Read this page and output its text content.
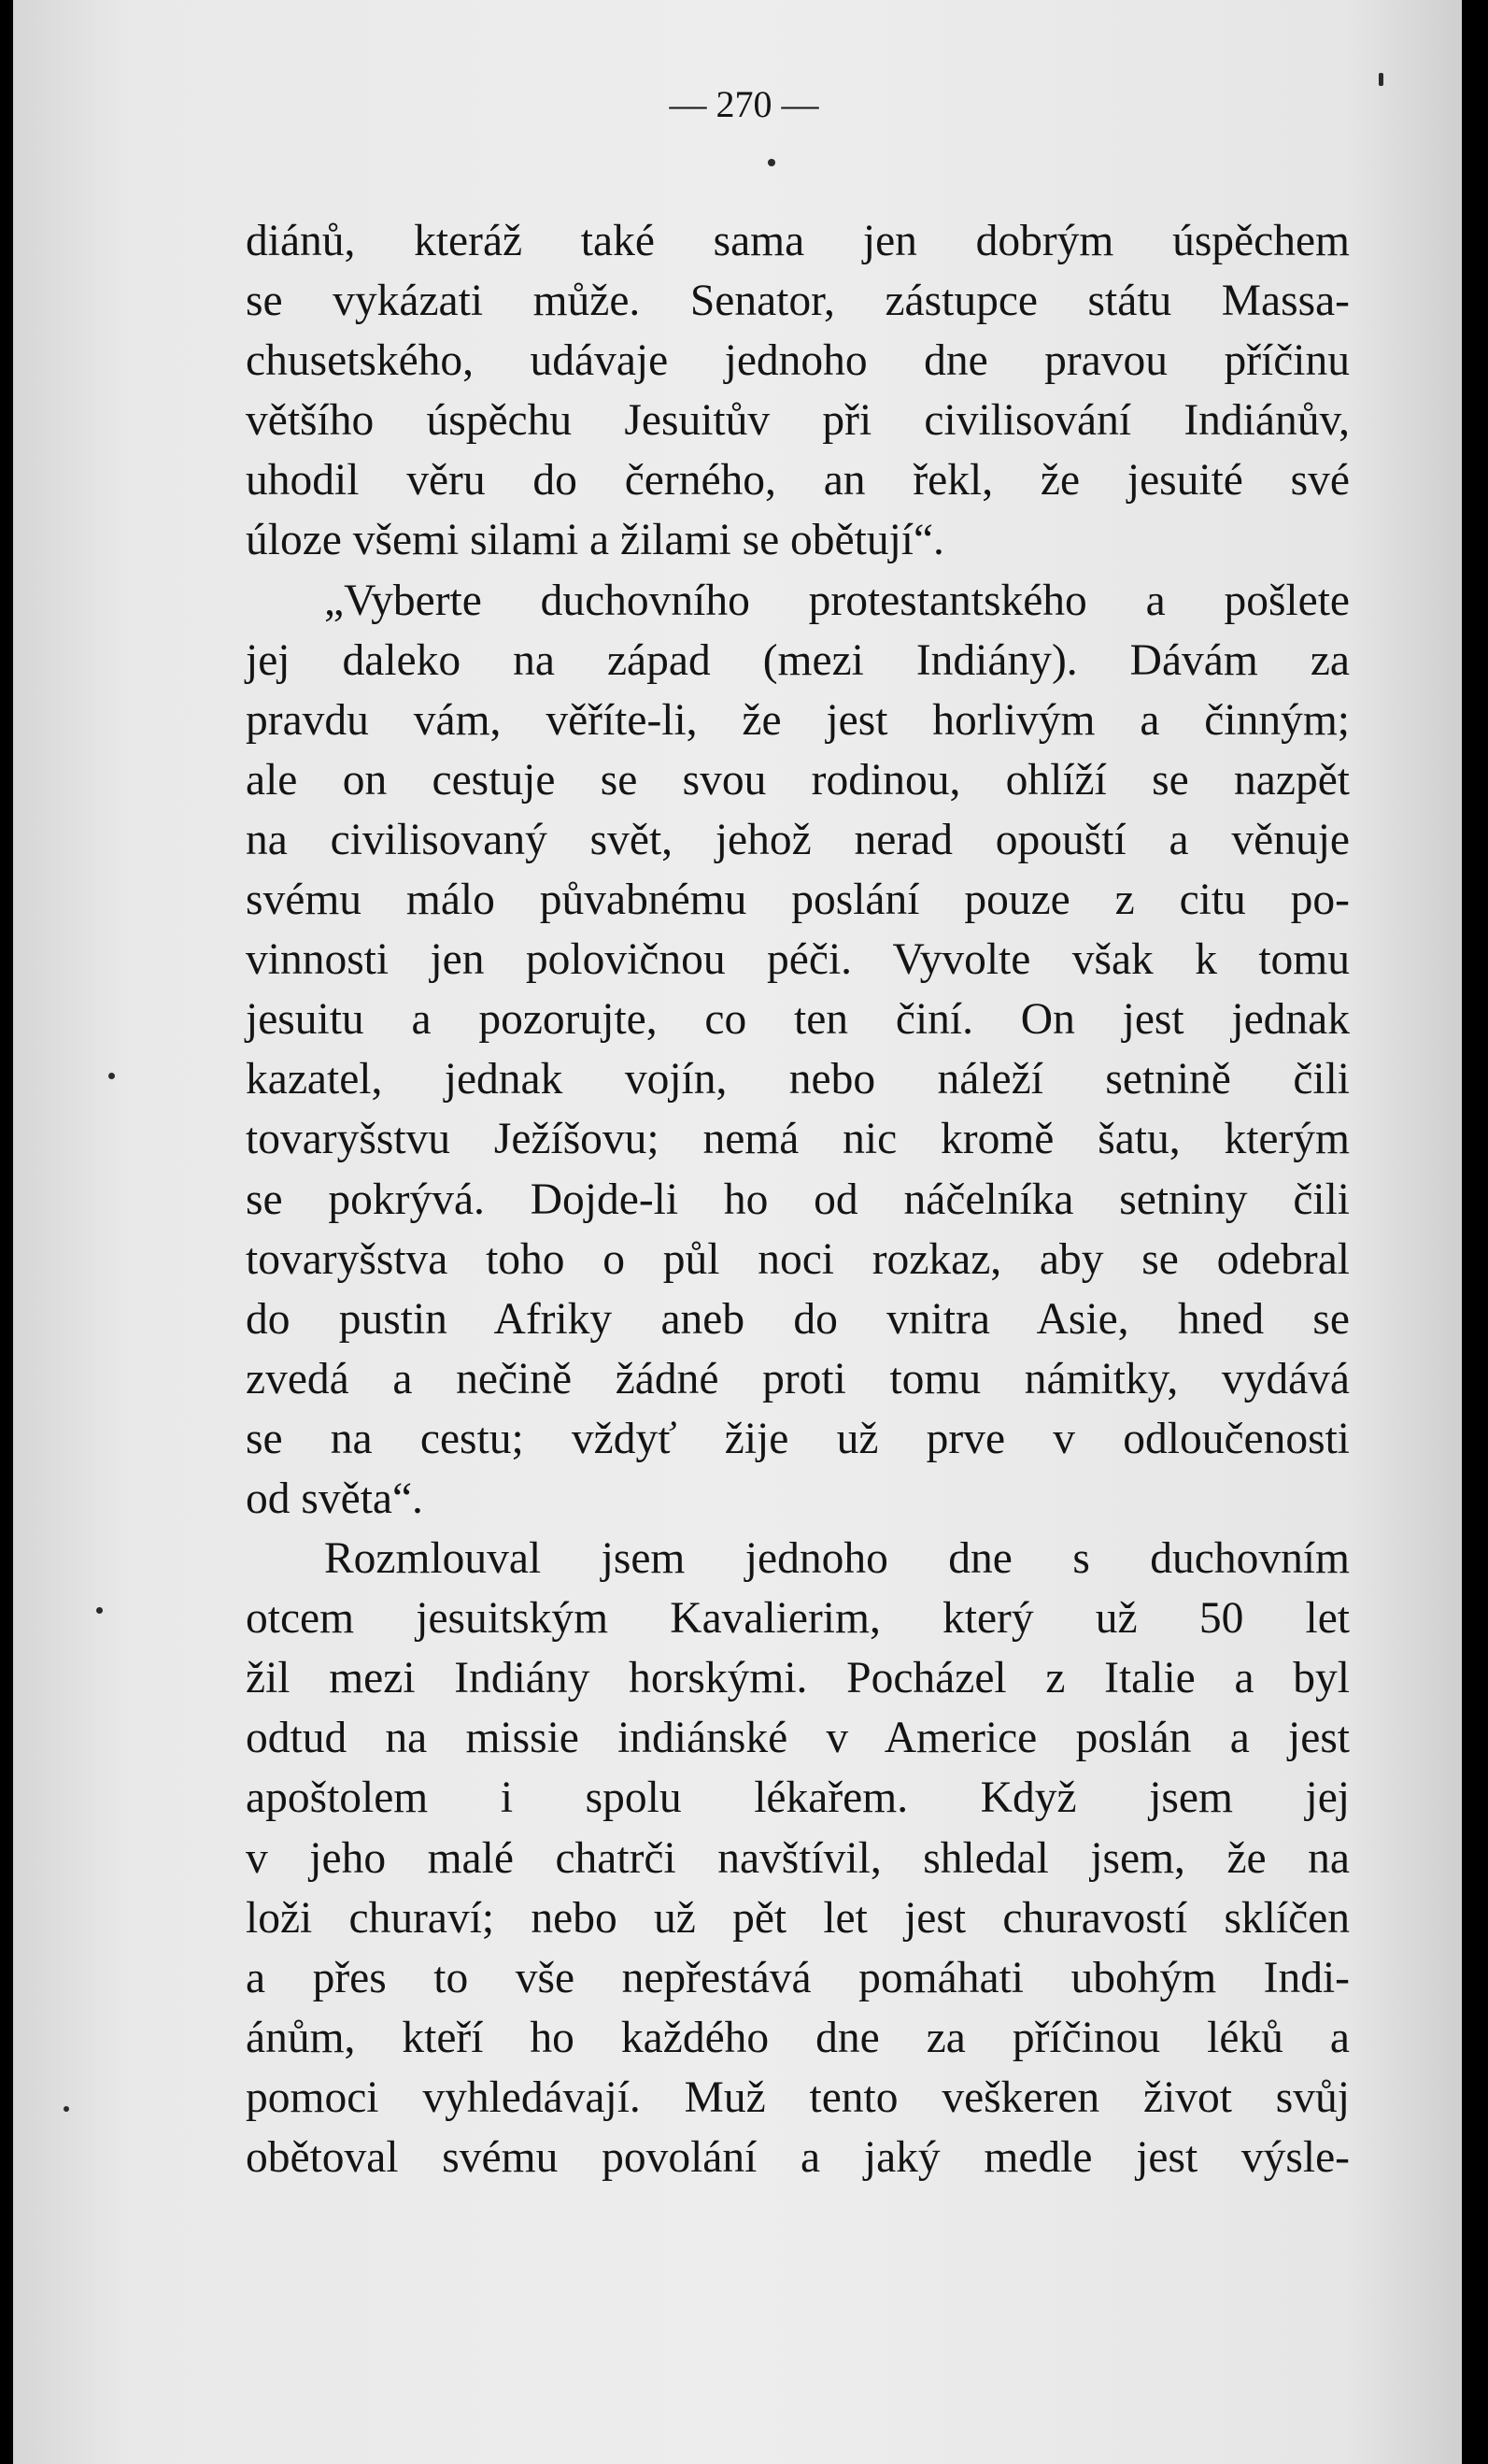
— 270 —
diánů, kteráž také sama jen dobrým úspěchem
se vykázati může. Senator, zástupce státu Massa-
chusetského, udávaje jednoho dne pravou příčinu
většího úspěchu Jesuitův při civilisování Indiánův,
uhodil věru do černého, an řekl, že jesuité své
úloze všemi silami a žilami se obětují“.
„Vyberte duchovního protestantského a pošlete
jej daleko na západ (mezi Indiány). Dávám za
pravdu vám, věříte-li, že jest horlivým a činným;
ale on cestuje se svou rodinou, ohlíží se nazpět
na civilisovaný svět, jehož nerad opouští a věnuje
svému málo půvabnému poslání pouze z citu po-
vinnosti jen polovičnou péči. Vyvolte však k tomu
jesuitu a pozorujte, co ten činí. On jest jednak
kazatel, jednak vojín, nebo náleží setnině čili
tovaryšstvu Ježíšovu; nemá nic kromě šatu, kterým
se pokrývá. Dojde-li ho od náčelníka setniny čili
tovaryšstva toho o půl noci rozkaz, aby se odebral
do pustin Afriky aneb do vnitra Asie, hned se
zvedá a nečině žádné proti tomu námitky, vydává
se na cestu; vždyť žije už prve v odloučenosti
od světa“.
Rozmlouval jsem jednoho dne s duchovním
otcem jesuitským Kavalierim, který už 50 let
žil mezi Indiány horskými. Pocházel z Italie a byl
odtud na missie indiánské v Americe poslán a jest
apoštolem i spolu lékařem. Když jsem jej
v jeho malé chatrči navštívil, shledal jsem, že na
loži churaví; nebo už pět let jest churavostí sklíčen
a přes to vše nepřestává pomáhati ubohým Indi-
ánům, kteří ho každého dne za příčinou léků a
pomoci vyhledávají. Muž tento veškeren život svůj
obětoval svému povolání a jaký medle jest výsle-
